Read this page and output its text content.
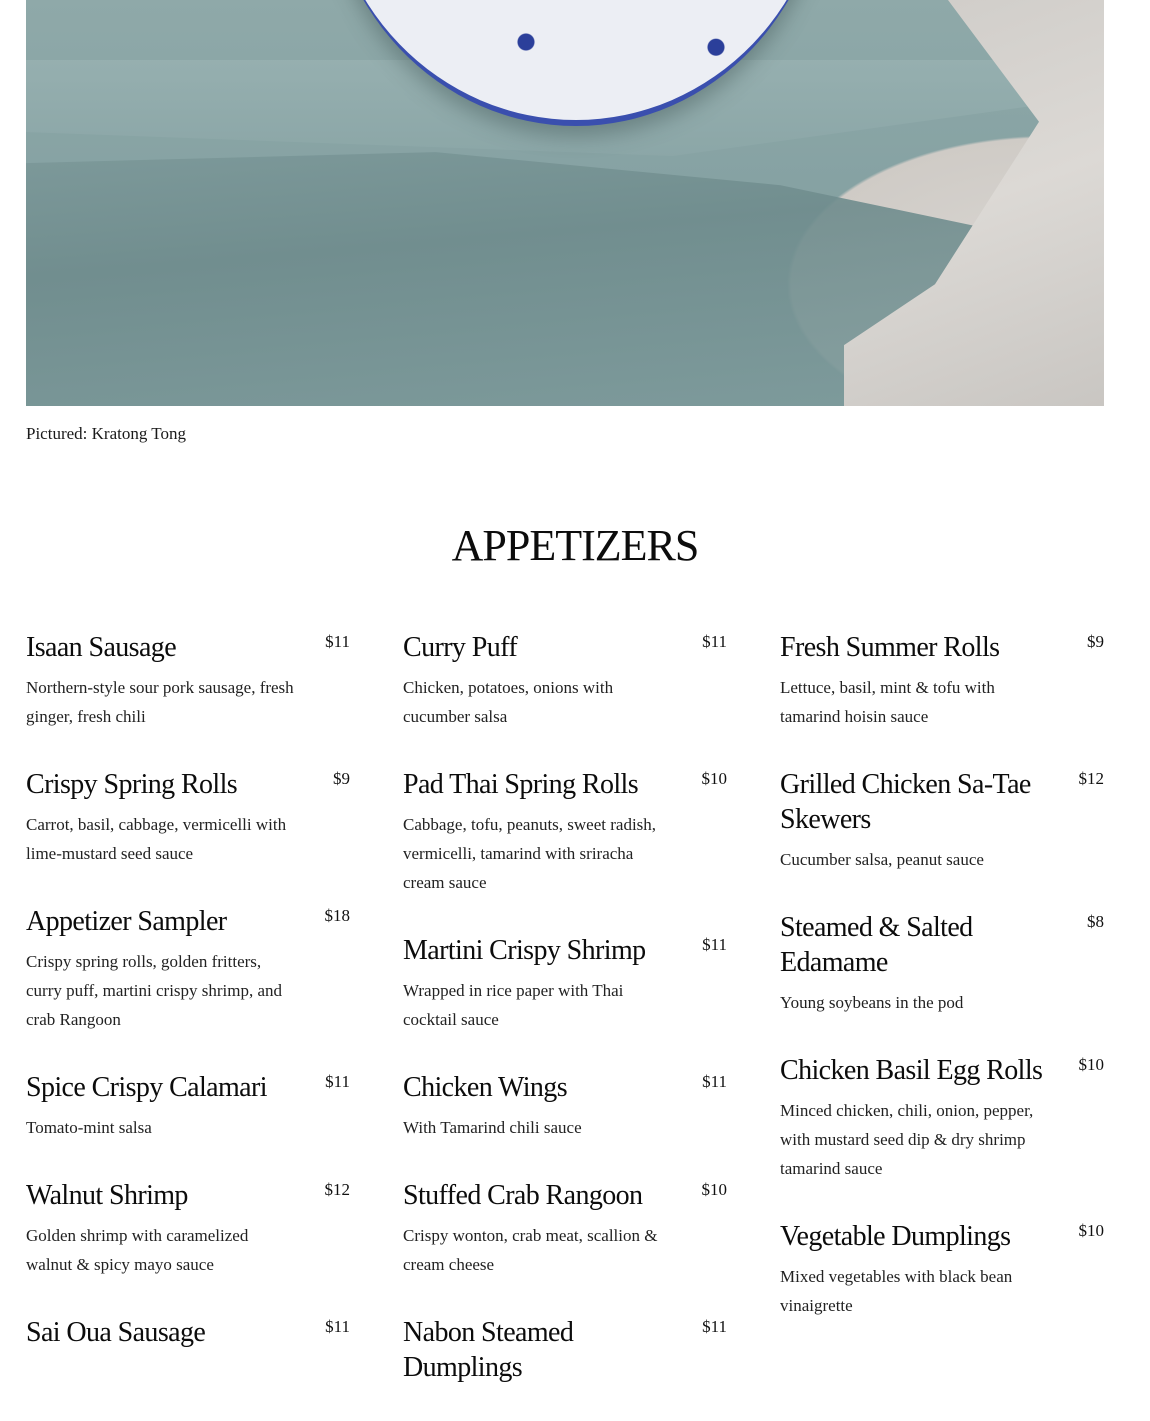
Pictured: Kratong Tong
APPETIZERS
Isaan Sausage	$11
Northern-style sour pork sausage, fresh ginger, fresh chili
Crispy Spring Rolls	$9
Carrot, basil, cabbage, vermicelli with lime-mustard seed sauce
Appetizer Sampler	$18
Crispy spring rolls, golden fritters, curry puff, martini crispy shrimp, and crab Rangoon
Spice Crispy Calamari	$11
Tomato-mint salsa
Walnut Shrimp	$12
Golden shrimp with caramelized walnut & spicy mayo sauce
Sai Oua Sausage	$11
Curry Puff	$11
Chicken, potatoes, onions with cucumber salsa
Pad Thai Spring Rolls	$10
Cabbage, tofu, peanuts, sweet radish, vermicelli, tamarind with sriracha cream sauce
Martini Crispy Shrimp	$11
Wrapped in rice paper with Thai cocktail sauce
Chicken Wings	$11
With Tamarind chili sauce
Stuffed Crab Rangoon	$10
Crispy wonton, crab meat, scallion & cream cheese
Nabon Steamed Dumplings
$11
Fresh Summer Rolls	$9
Lettuce, basil, mint & tofu with tamarind hoisin sauce
Grilled Chicken Sa-Tae Skewers
$12
Cucumber salsa, peanut sauce
Steamed & Salted Edamame
$8
Young soybeans in the pod
Chicken Basil Egg Rolls $10
Minced chicken, chili, onion, pepper, with mustard seed dip & dry shrimp tamarind sauce
Vegetable Dumplings	$10
Mixed vegetables with black bean vinaigrette
